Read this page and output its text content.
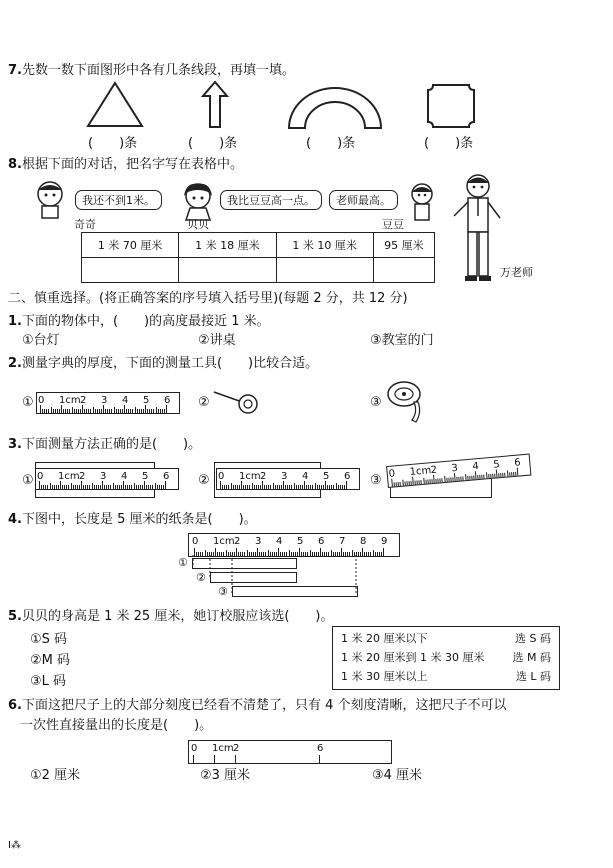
7.先数一数下面图形中各有几条线段，再填一填。
(　　)条	(　　)条	(　　)条	(　　)条
8.根据下面的对话，把名字写在表格中。
我还不到1米。	我比豆豆高一点。	老师最高。
奇奇	贝贝	豆豆
万老师
1 米 70 厘米	1 米 18 厘米	1 米 10 厘米	95 厘米

二、慎重选择。(将正确答案的序号填入括号里)(每题 2 分，共 12 分)
1.下面的物体中，(　　)的高度最接近 1 米。
①台灯	②讲桌	③教室的门
2.测量字典的厚度，下面的测量工具(　　)比较合适。
① 0 1cm 2 3 4 5 6 ②	③
3.下面测量方法正确的是(　　)。
① 0 1cm 2 3 4 5 6 ② 0 1cm 2 3 4 5 6 ③ 0 1cm
2 3 4 5 6
4.下图中，长度是 5 厘米的纸条是(　　)。
0 1cm 2 3 4 5 6 7 8 9
①
②
③
5.贝贝的身高是 1 米 25 厘米，她订校服应该选(　　)。
①S 码
②M 码
③L 码
1 米 20 厘米以下	选 S 码
1 米 20 厘米到 1 米 30 厘米	选 M 码
1 米 30 厘米以上	选 L 码
6.下面这把尺子上的大部分刻度已经看不清楚了，只有 4 个刻度清晰，这把尺子不可以
一次性直接量出的长度是(　　)。
0 1cm 2	6
①2 厘米	②3 厘米	③4 厘米
Ⅰ⁂
